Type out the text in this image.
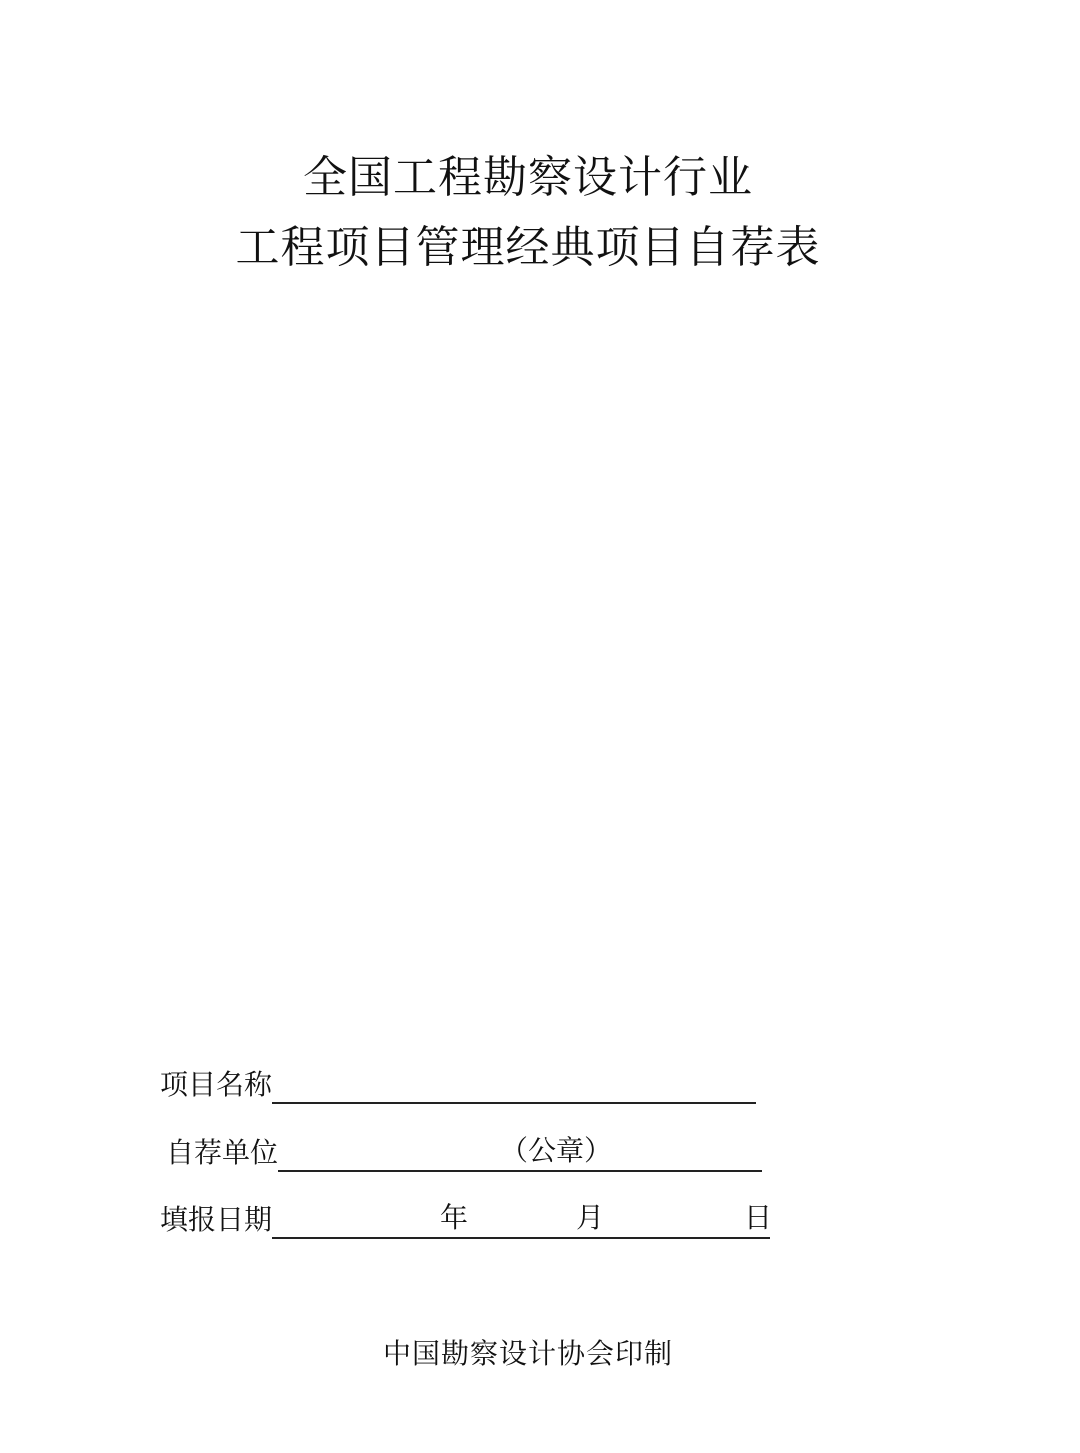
全国工程勘察设计行业
工程项目管理经典项目自荐表
项目名称
自荐单位	（公章）
填报日期	年	月	日
中国勘察设计协会印制
